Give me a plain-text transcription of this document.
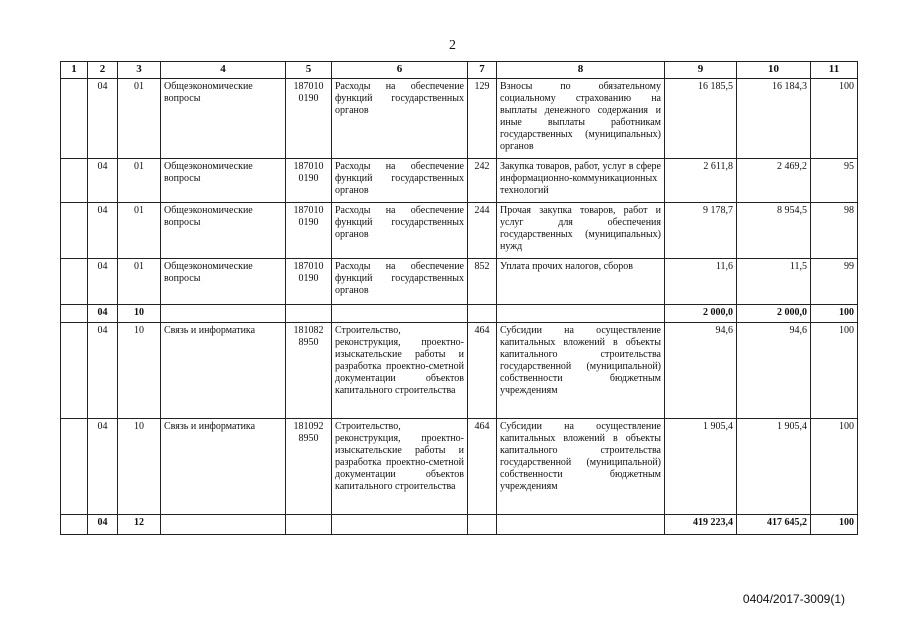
2
1	2	3	4	5	6	7	8	9	10	11
	04	01	Общеэкономические вопросы	187010 0190	Расходы на обеспечение функций государственных органов	129	Взносы по обязательному социальному страхованию на выплаты денежного содержания и иные выплаты работникам государственных (муниципальных) органов	16 185,5	16 184,3	100
	04	01	Общеэкономические вопросы	187010 0190	Расходы на обеспечение функций государственных органов	242	Закупка товаров, работ, услуг в сфере информационно-коммуникационных технологий	2 611,8	2 469,2	95
	04	01	Общеэкономические вопросы	187010 0190	Расходы на обеспечение функций государственных органов	244	Прочая закупка товаров, работ и услуг для обеспечения государственных (муниципальных) нужд	9 178,7	8 954,5	98
	04	01	Общеэкономические вопросы	187010 0190	Расходы на обеспечение функций государственных органов	852	Уплата прочих налогов, сборов	11,6	11,5	99
	04	10						2 000,0	2 000,0	100
	04	10	Связь и информатика	181082 8950	Строительство, реконструкция, проектно-изыскательские работы и разработка проектно-сметной документации объектов капитального строительства	464	Субсидии на осуществление капитальных вложений в объекты капитального строительства государственной (муниципальной) собственности бюджетным учреждениям	94,6	94,6	100
	04	10	Связь и информатика	181092 8950	Строительство, реконструкция, проектно-изыскательские работы и разработка проектно-сметной документации объектов капитального строительства	464	Субсидии на осуществление капитальных вложений в объекты капитального строительства государственной (муниципальной) собственности бюджетным учреждениям	1 905,4	1 905,4	100
	04	12						419 223,4	417 645,2	100
0404/2017-3009(1)
